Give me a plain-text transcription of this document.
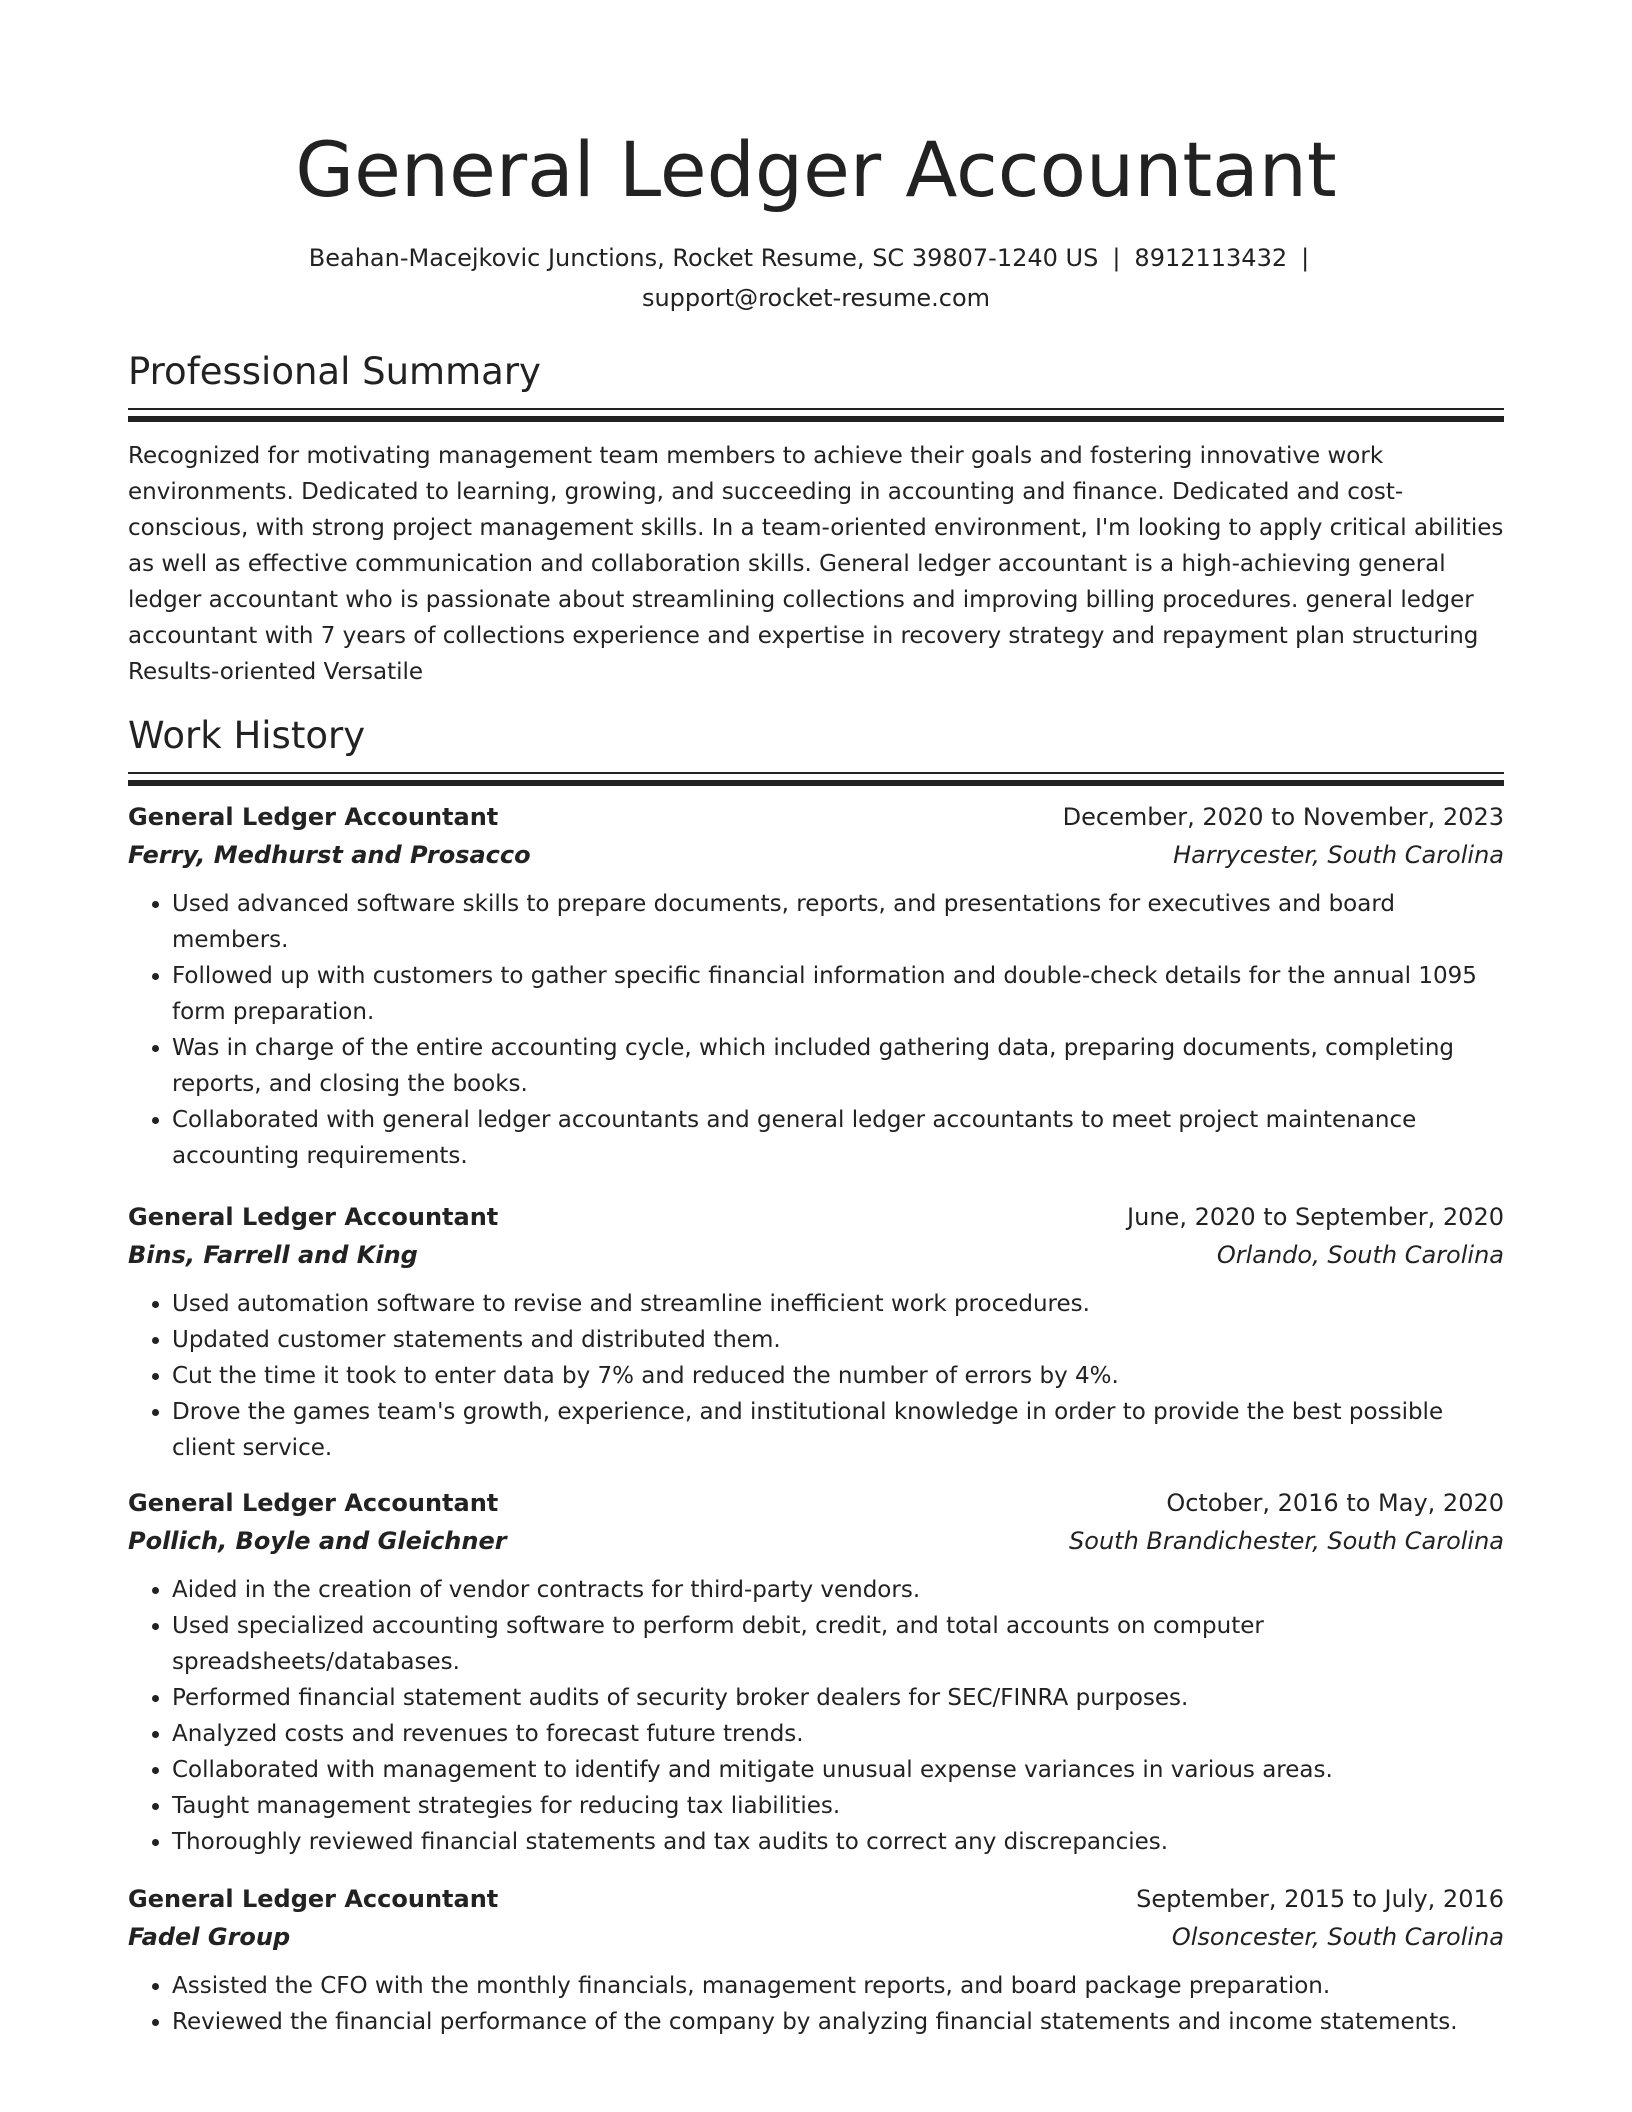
General Ledger Accountant
Beahan-Macejkovic Junctions, Rocket Resume, SC 39807-1240 US | 8912113432 |
support@rocket-resume.com
Professional Summary

Recognized for motivating management team members to achieve their goals and fostering innovative work environments. Dedicated to learning, growing, and succeeding in accounting and finance. Dedicated and cost-conscious, with strong project management skills. In a team-oriented environment, I'm looking to apply critical abilities as well as effective communication and collaboration skills. General ledger accountant is a high-achieving general ledger accountant who is passionate about streamlining collections and improving billing procedures. general ledger accountant with 7 years of collections experience and expertise in recovery strategy and repayment plan structuring Results-oriented Versatile

Work History
General Ledger Accountant	December, 2020 to November, 2023
Ferry, Medhurst and Prosacco	Harrycester, South Carolina
• Used advanced software skills to prepare documents, reports, and presentations for executives and board members.
• Followed up with customers to gather specific financial information and double-check details for the annual 1095 form preparation.
• Was in charge of the entire accounting cycle, which included gathering data, preparing documents, completing reports, and closing the books.
• Collaborated with general ledger accountants and general ledger accountants to meet project maintenance accounting requirements.
General Ledger Accountant	June, 2020 to September, 2020
Bins, Farrell and King	Orlando, South Carolina
• Used automation software to revise and streamline inefficient work procedures.
• Updated customer statements and distributed them.
• Cut the time it took to enter data by 7% and reduced the number of errors by 4%.
• Drove the games team's growth, experience, and institutional knowledge in order to provide the best possible client service.
General Ledger Accountant	October, 2016 to May, 2020
Pollich, Boyle and Gleichner	South Brandichester, South Carolina
• Aided in the creation of vendor contracts for third-party vendors.
• Used specialized accounting software to perform debit, credit, and total accounts on computer spreadsheets/databases.
• Performed financial statement audits of security broker dealers for SEC/FINRA purposes.
• Analyzed costs and revenues to forecast future trends.
• Collaborated with management to identify and mitigate unusual expense variances in various areas.
• Taught management strategies for reducing tax liabilities.
• Thoroughly reviewed financial statements and tax audits to correct any discrepancies.
General Ledger Accountant	September, 2015 to July, 2016
Fadel Group	Olsoncester, South Carolina
• Assisted the CFO with the monthly financials, management reports, and board package preparation.
• Reviewed the financial performance of the company by analyzing financial statements and income statements.
